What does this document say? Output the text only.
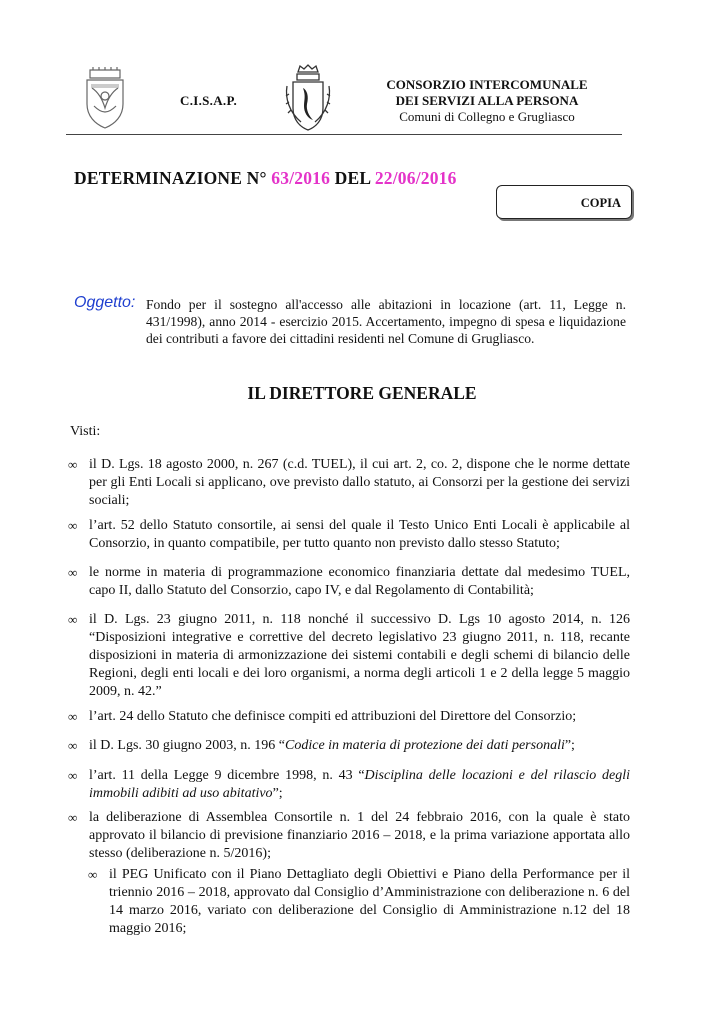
C.I.S.A.P.
CONSORZIO INTERCOMUNALE
DEI SERVIZI ALLA PERSONA
Comuni di Collegno e Grugliasco
DETERMINAZIONE N° 63/2016 DEL 22/06/2016
COPIA
Oggetto: Fondo per il sostegno all'accesso alle abitazioni in locazione (art. 11, Legge n. 431/1998), anno 2014 - esercizio 2015. Accertamento, impegno di spesa e liquidazione dei contributi a favore dei cittadini residenti nel Comune di Grugliasco.
IL DIRETTORE GENERALE
Visti:
∞ il D. Lgs. 18 agosto 2000, n. 267 (c.d. TUEL), il cui art. 2, co. 2, dispone che le norme dettate per gli Enti Locali si applicano, ove previsto dallo statuto, ai Consorzi per la gestione dei servizi sociali;
∞ l’art. 52 dello Statuto consortile, ai sensi del quale il Testo Unico Enti Locali è applicabile al Consorzio, in quanto compatibile, per tutto quanto non previsto dallo stesso Statuto;
∞ le norme in materia di programmazione economico finanziaria dettate dal medesimo TUEL, capo II, dallo Statuto del Consorzio, capo IV, e dal Regolamento di Contabilità;
∞ il D. Lgs. 23 giugno 2011, n. 118 nonché il successivo D. Lgs 10 agosto 2014, n. 126 “Disposizioni integrative e correttive del decreto legislativo 23 giugno 2011, n. 118, recante disposizioni in materia di armonizzazione dei sistemi contabili e degli schemi di bilancio delle Regioni, degli enti locali e dei loro organismi, a norma degli articoli 1 e 2 della legge 5 maggio 2009, n. 42.”
∞ l’art. 24 dello Statuto che definisce compiti ed attribuzioni del Direttore del Consorzio;
∞ il D. Lgs. 30 giugno 2003, n. 196 “Codice in materia di protezione dei dati personali”;
∞ l’art. 11 della Legge 9 dicembre 1998, n. 43 “Disciplina delle locazioni e del rilascio degli immobili adibiti ad uso abitativo”;
∞ la deliberazione di Assemblea Consortile n. 1 del 24 febbraio 2016, con la quale è stato approvato il bilancio di previsione finanziario 2016 – 2018, e la prima variazione apportata allo stesso (deliberazione n. 5/2016);
∞ il PEG Unificato con il Piano Dettagliato degli Obiettivi e Piano della Performance per il triennio 2016 – 2018, approvato dal Consiglio d’Amministrazione con deliberazione n. 6 del 14 marzo 2016, variato con deliberazione del Consiglio di Amministrazione n.12 del 18 maggio 2016;
